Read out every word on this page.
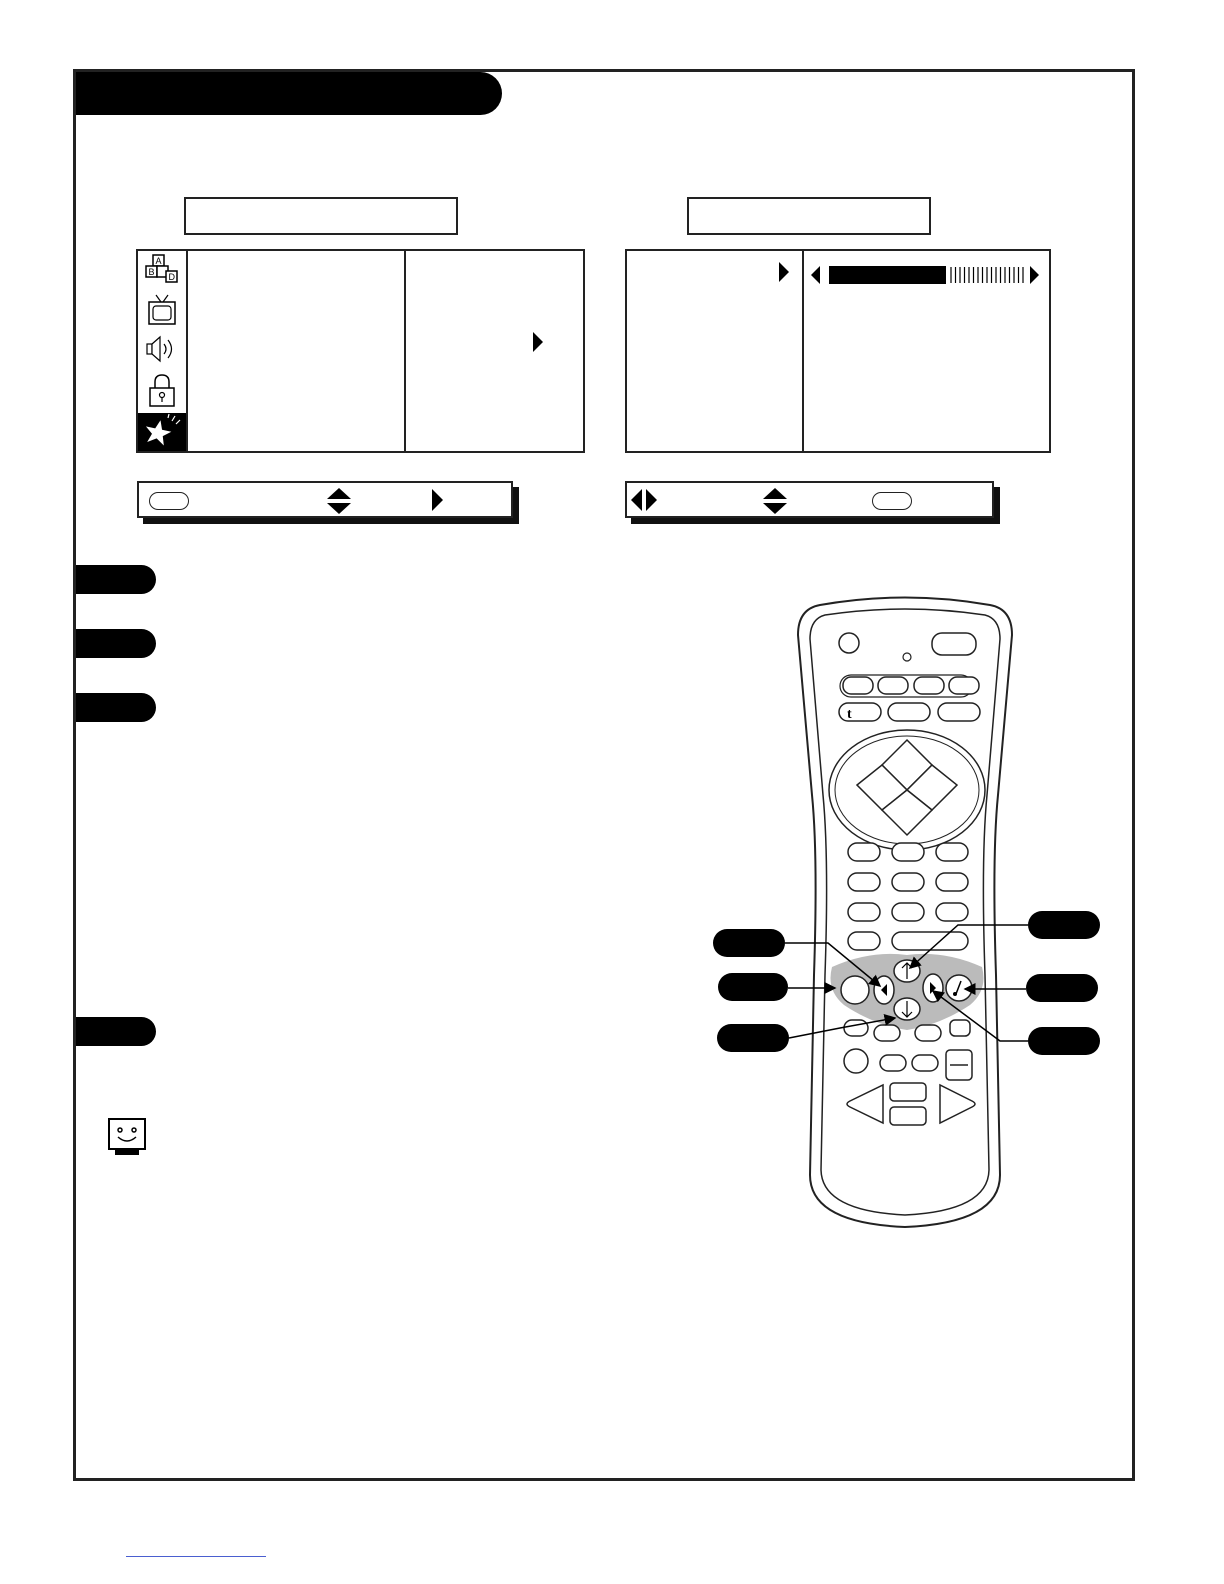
A
B D
t
